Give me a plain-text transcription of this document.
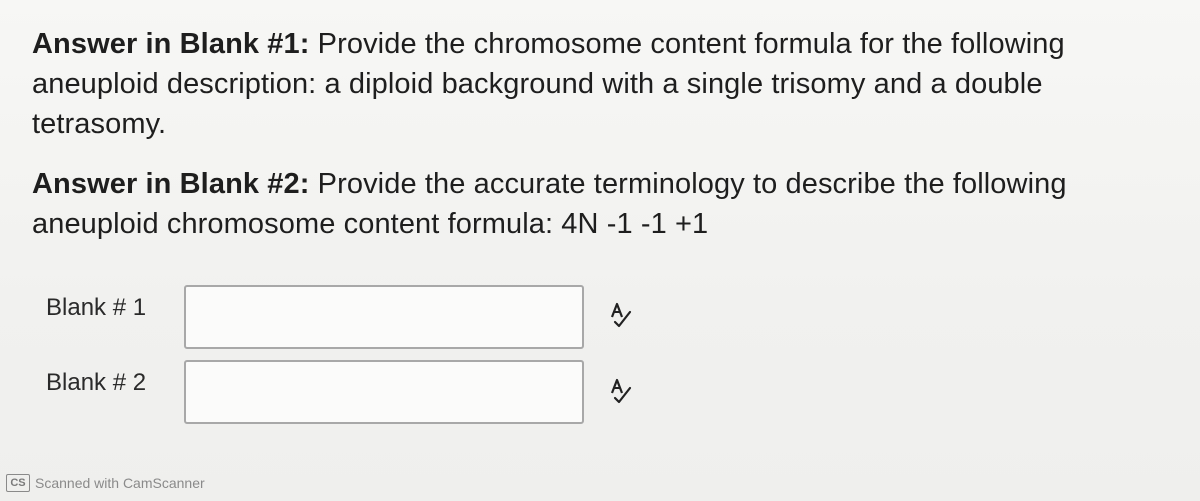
Answer in Blank #1: Provide the chromosome content formula for the following aneuploid description: a diploid background with a single trisomy and a double tetrasomy.
Answer in Blank #2: Provide the accurate terminology to describe the following aneuploid chromosome content formula: 4N -1 -1 +1
Blank # 1
Blank # 2
CS Scanned with CamScanner
